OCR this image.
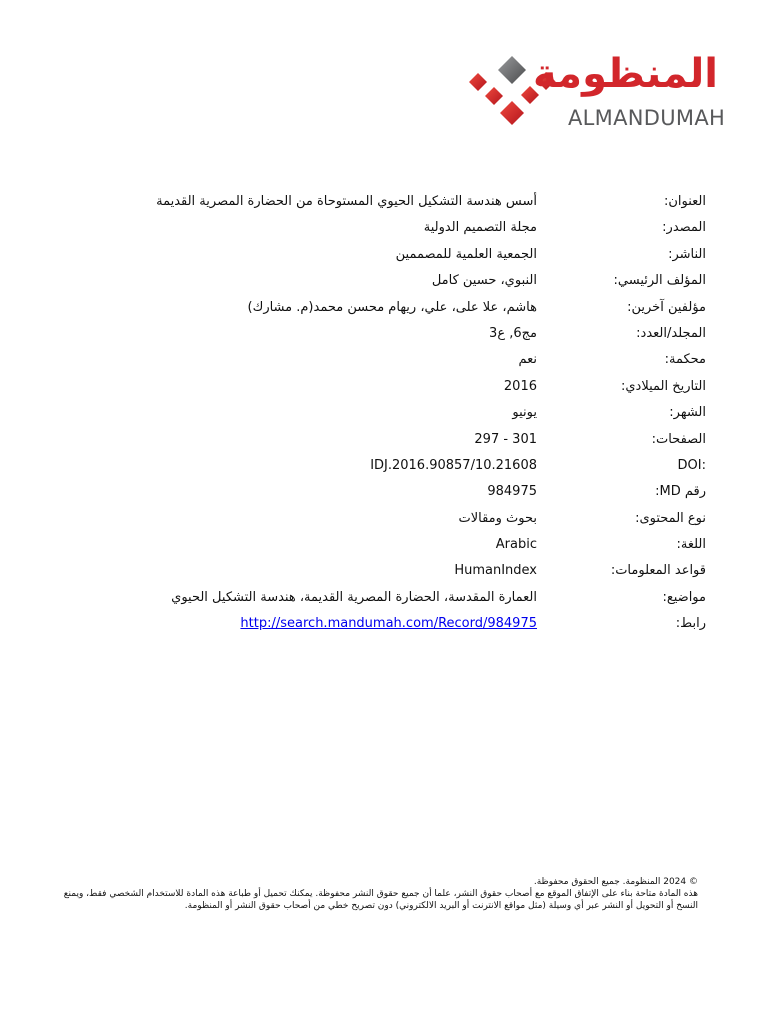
المنظومة
ALMANDUMAH
العنوان:
أسس هندسة التشكيل الحيوي المستوحاة من الحضارة المصرية القديمة
المصدر:
مجلة التصميم الدولية
الناشر:
الجمعية العلمية للمصممين
المؤلف الرئيسي:
النبوي، حسين كامل
مؤلفين آخرين:
هاشم، علا على، علي، ريهام محسن محمد(م. مشارك)
المجلد/العدد:
مج6, ع3
محكمة:
نعم
التاريخ الميلادي:
2016
الشهر:
يونيو
الصفحات:
297 - 301
DOI:
10.21608/IDJ.2016.90857
رقم MD:
984975
نوع المحتوى:
بحوث ومقالات
اللغة:
Arabic
قواعد المعلومات:
HumanIndex
مواضيع:
العمارة المقدسة، الحضارة المصرية القديمة، هندسة التشكيل الحيوي
رابط:
http://search.mandumah.com/Record/984975

© 2024 المنظومة. جميع الحقوق محفوظة.

هذه المادة متاحة بناء على الإتفاق الموقع مع أصحاب حقوق النشر، علما أن جميع حقوق النشر محفوظة. يمكنك تحميل أو طباعة هذه المادة للاستخدام الشخصي فقط، ويمنع النسخ أو التحويل أو النشر عبر أي وسيلة (مثل مواقع الانترنت أو البريد الالكتروني) دون تصريح خطي من أصحاب حقوق النشر أو المنظومة.
